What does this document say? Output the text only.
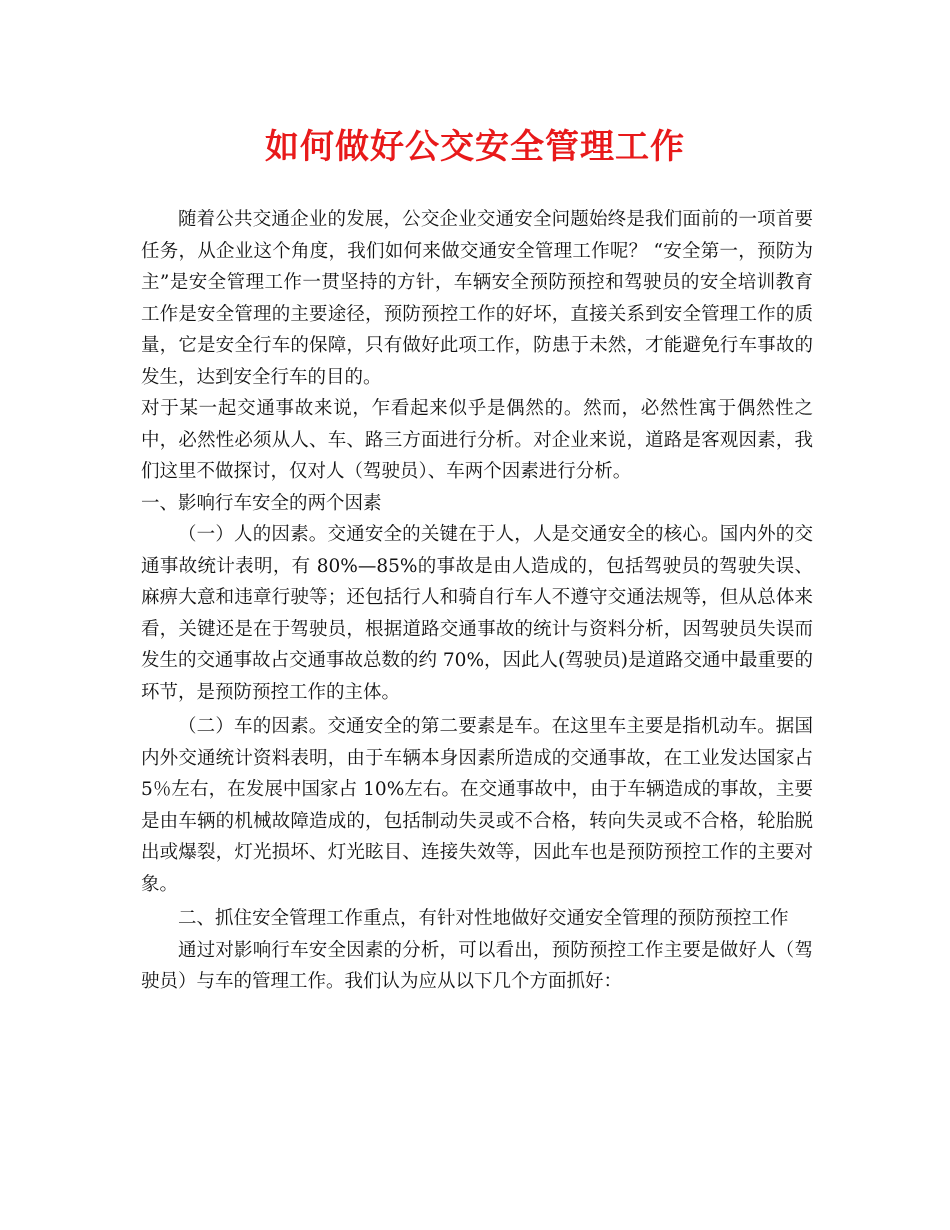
如何做好公交安全管理工作

随着公共交通企业的发展，公交企业交通安全问题始终是我们面前的一项首要任务，从企业这个角度，我们如何来做交通安全管理工作呢？ “安全第一，预防为主”是安全管理工作一贯坚持的方针，车辆安全预防预控和驾驶员的安全培训教育工作是安全管理的主要途径，预防预控工作的好坏，直接关系到安全管理工作的质量，它是安全行车的保障，只有做好此项工作，防患于未然，才能避免行车事故的发生，达到安全行车的目的。

对于某一起交通事故来说，乍看起来似乎是偶然的。然而，必然性寓于偶然性之中，必然性必须从人、车、路三方面进行分析。对企业来说，道路是客观因素，我们这里不做探讨，仅对人（驾驶员）、车两个因素进行分析。

一、影响行车安全的两个因素

（一）人的因素。交通安全的关键在于人，人是交通安全的核心。国内外的交通事故统计表明，有 80%—85%的事故是由人造成的，包括驾驶员的驾驶失误、麻痹大意和违章行驶等；还包括行人和骑自行车人不遵守交通法规等，但从总体来看，关键还是在于驾驶员，根据道路交通事故的统计与资料分析，因驾驶员失误而发生的交通事故占交通事故总数的约 70%，因此人(驾驶员)是道路交通中最重要的环节，是预防预控工作的主体。

（二）车的因素。交通安全的第二要素是车。在这里车主要是指机动车。据国内外交通统计资料表明，由于车辆本身因素所造成的交通事故，在工业发达国家占 5％左右，在发展中国家占 10%左右。在交通事故中，由于车辆造成的事故，主要是由车辆的机械故障造成的，包括制动失灵或不合格，转向失灵或不合格，轮胎脱出或爆裂，灯光损坏、灯光眩目、连接失效等，因此车也是预防预控工作的主要对象。

二、抓住安全管理工作重点，有针对性地做好交通安全管理的预防预控工作

通过对影响行车安全因素的分析，可以看出，预防预控工作主要是做好人（驾驶员）与车的管理工作。我们认为应从以下几个方面抓好：
